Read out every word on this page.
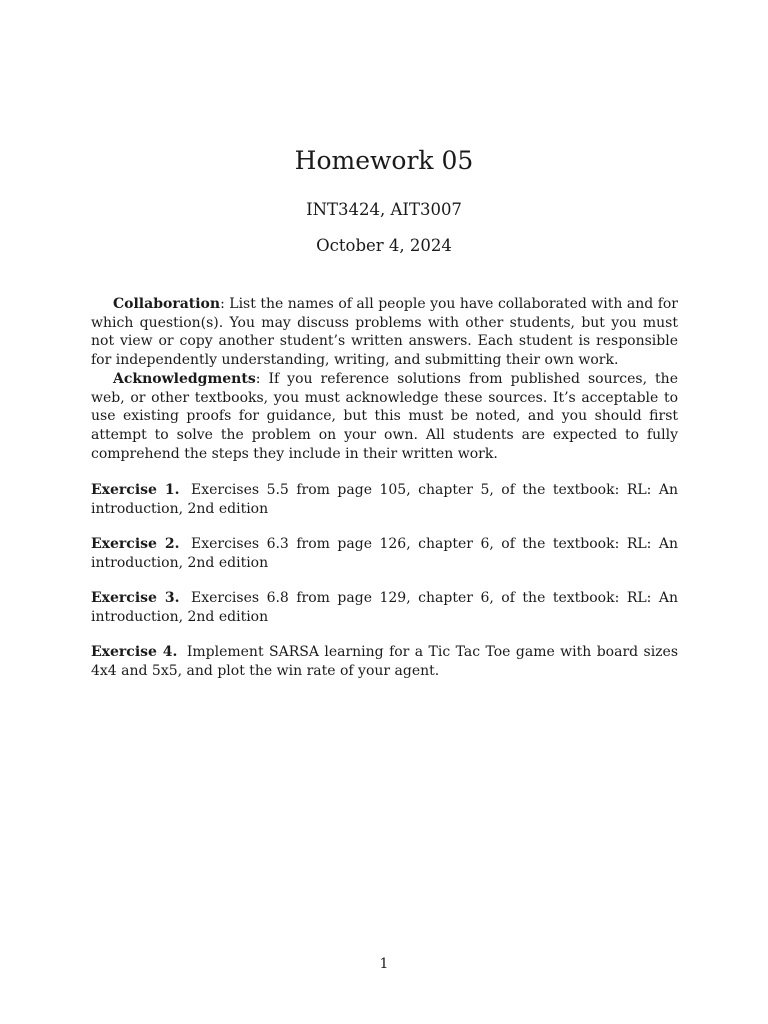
Homework 05
INT3424, AIT3007
October 4, 2024

Collaboration: List the names of all people you have collaborated with and for which question(s). You may discuss problems with other students, but you must not view or copy another student’s written answers. Each student is responsible for independently understanding, writing, and submitting their own work.

Acknowledgments: If you reference solutions from published sources, the web, or other textbooks, you must acknowledge these sources. It’s acceptable to use existing proofs for guidance, but this must be noted, and you should first attempt to solve the problem on your own. All students are expected to fully comprehend the steps they include in their written work.

Exercise 1. Exercises 5.5 from page 105, chapter 5, of the textbook: RL: An introduction, 2nd edition

Exercise 2. Exercises 6.3 from page 126, chapter 6, of the textbook: RL: An introduction, 2nd edition

Exercise 3. Exercises 6.8 from page 129, chapter 6, of the textbook: RL: An introduction, 2nd edition

Exercise 4. Implement SARSA learning for a Tic Tac Toe game with board sizes 4x4 and 5x5, and plot the win rate of your agent.

1
